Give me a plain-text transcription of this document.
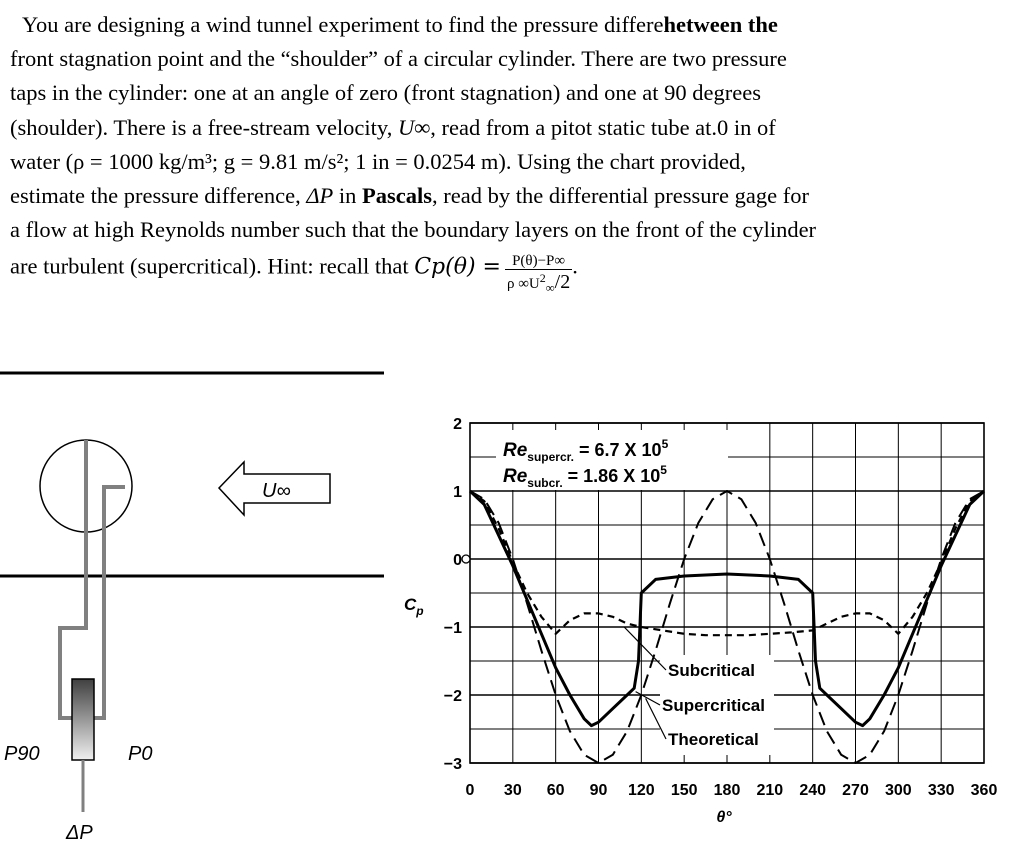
You are designing a wind tunnel experiment to find the pressure differehetween the
front stagnation point and the “shoulder” of a circular cylinder. There are two pressure
taps in the cylinder: one at an angle of zero (front stagnation) and one at 90 degrees
(shoulder). There is a free-stream velocity, U∞, read from a pitot static tube at.0 in of
water (ρ = 1000 kg/m³; g = 9.81 m/s²; 1 in = 0.0254 m). Using the chart provided,
estimate the pressure difference, ΔP in Pascals, read by the differential pressure gage for
a flow at high Reynolds number such that the boundary layers on the front of the cylinder
are turbulent (supercritical). Hint: recall that $Cp(\theta) = \frac{P(\theta)-P\infty}{\rho \infty U^2_\infty/2}$ .
U∞
P90	P0
ΔP
0 30 60 90 120 150 180 210 240 270 300 330 360
2
1
0
−1
−2
−3
$C_p$
θ°
$Re_{supercr.} = 6.7$ X $10^5$
$Re_{subcr.} = 1.86$ X $10^5$
Subcritical
Supercritical
Theoretical
